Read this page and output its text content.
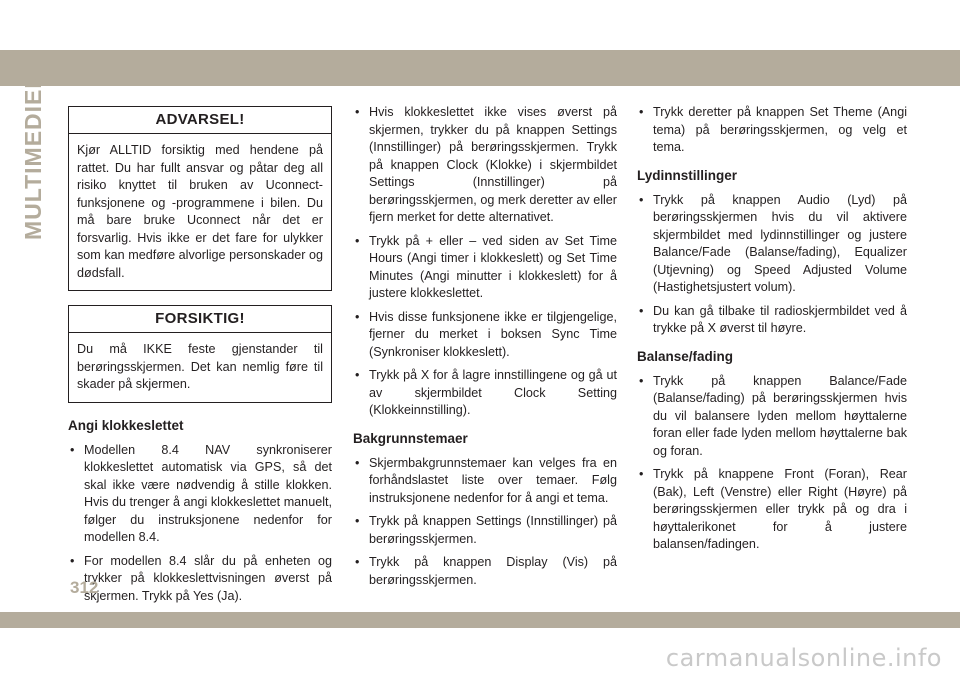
MULTIMEDIER	ADVARSEL!
Kjør ALLTID forsiktig med hendene på rattet. Du har fullt ansvar og påtar deg all risiko knyttet til bruken av Uconnect-funksjonene og -programmene i bilen. Du må bare bruke Uconnect når det er forsvarlig. Hvis ikke er det fare for ulykker som kan medføre alvorlige personskader og dødsfall.
FORSIKTIG!
Du må IKKE feste gjenstander til berøringsskjermen. Det kan nemlig føre til skader på skjermen.
Angi klokkeslettet
• Modellen 8.4 NAV synkroniserer klokkeslettet automatisk via GPS, så det skal ikke være nødvendig å stille klokken. Hvis du trenger å angi klokkeslettet manuelt, følger du instruksjonene nedenfor for modellen 8.4.
• For modellen 8.4 slår du på enheten og trykker på klokkeslettvisningen øverst på skjermen. Trykk på Yes (Ja).
• Hvis klokkeslettet ikke vises øverst på skjermen, trykker du på knappen Settings (Innstillinger) på berøringsskjermen. Trykk på knappen Clock (Klokke) i skjermbildet Settings (Innstillinger) på berøringsskjermen, og merk deretter av eller fjern merket for dette alternativet.
• Trykk på + eller – ved siden av Set Time Hours (Angi timer i klokkeslett) og Set Time Minutes (Angi minutter i klokkeslett) for å justere klokkeslettet.
• Hvis disse funksjonene ikke er tilgjengelige, fjerner du merket i boksen Sync Time (Synkroniser klokkeslett).
• Trykk på X for å lagre innstillingene og gå ut av skjermbildet Clock Setting (Klokkeinnstilling).
Bakgrunnstemaer
• Skjermbakgrunnstemaer kan velges fra en forhåndslastet liste over temaer. Følg instruksjonene nedenfor for å angi et tema.
• Trykk på knappen Settings (Innstillinger) på berøringsskjermen.
• Trykk på knappen Display (Vis) på berøringsskjermen.
• Trykk deretter på knappen Set Theme (Angi tema) på berøringsskjermen, og velg et tema.
Lydinnstillinger
• Trykk på knappen Audio (Lyd) på berøringsskjermen hvis du vil aktivere skjermbildet med lydinnstillinger og justere Balance/Fade (Balanse/fading), Equalizer (Utjevning) og Speed Adjusted Volume (Hastighetsjustert volum).
• Du kan gå tilbake til radioskjermbildet ved å trykke på X øverst til høyre.
Balanse/fading
• Trykk på knappen Balance/Fade (Balanse/fading) på berøringsskjermen hvis du vil balansere lyden mellom høyttalerne foran eller fade lyden mellom høyttalerne bak og foran.
• Trykk på knappene Front (Foran), Rear (Bak), Left (Venstre) eller Right (Høyre) på berøringsskjermen eller trykk på og dra i høyttalerikonet for å justere balansen/fadingen.
312
carmanualsonline.info
